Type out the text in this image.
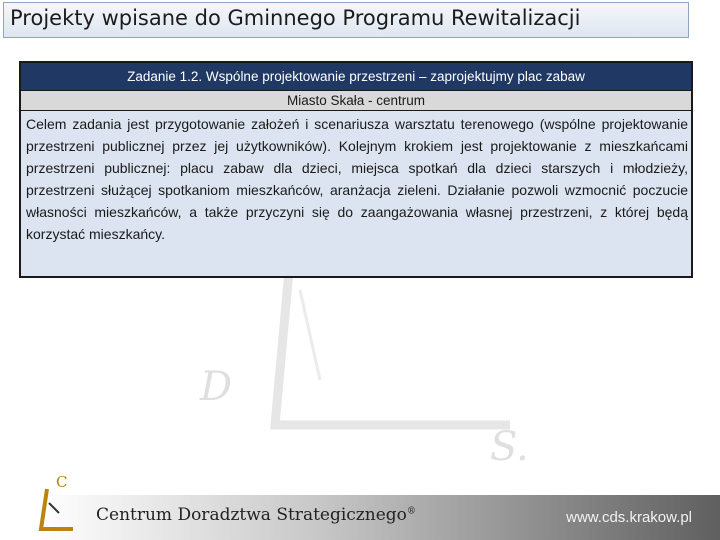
Projekty wpisane do Gminnego Programu Rewitalizacji
D
S.
Zadanie 1.2. Wspólne projektowanie przestrzeni – zaprojektujmy plac zabaw
Miasto Skała - centrum
Celem zadania jest przygotowanie założeń i scenariusza warsztatu terenowego (wspólne projektowanie przestrzeni publicznej przez jej użytkowników). Kolejnym krokiem jest projektowanie z mieszkańcami przestrzeni publicznej: placu zabaw dla dzieci, miejsca spotkań dla dzieci starszych i młodzieży, przestrzeni służącej spotkaniom mieszkańców, aranżacja zieleni. Działanie pozwoli wzmocnić poczucie własności mieszkańców, a także przyczyni się do zaangażowania własnej przestrzeni, z której będą korzystać mieszkańcy.
C
Centrum Doradztwa Strategicznego®	www.cds.krakow.pl
